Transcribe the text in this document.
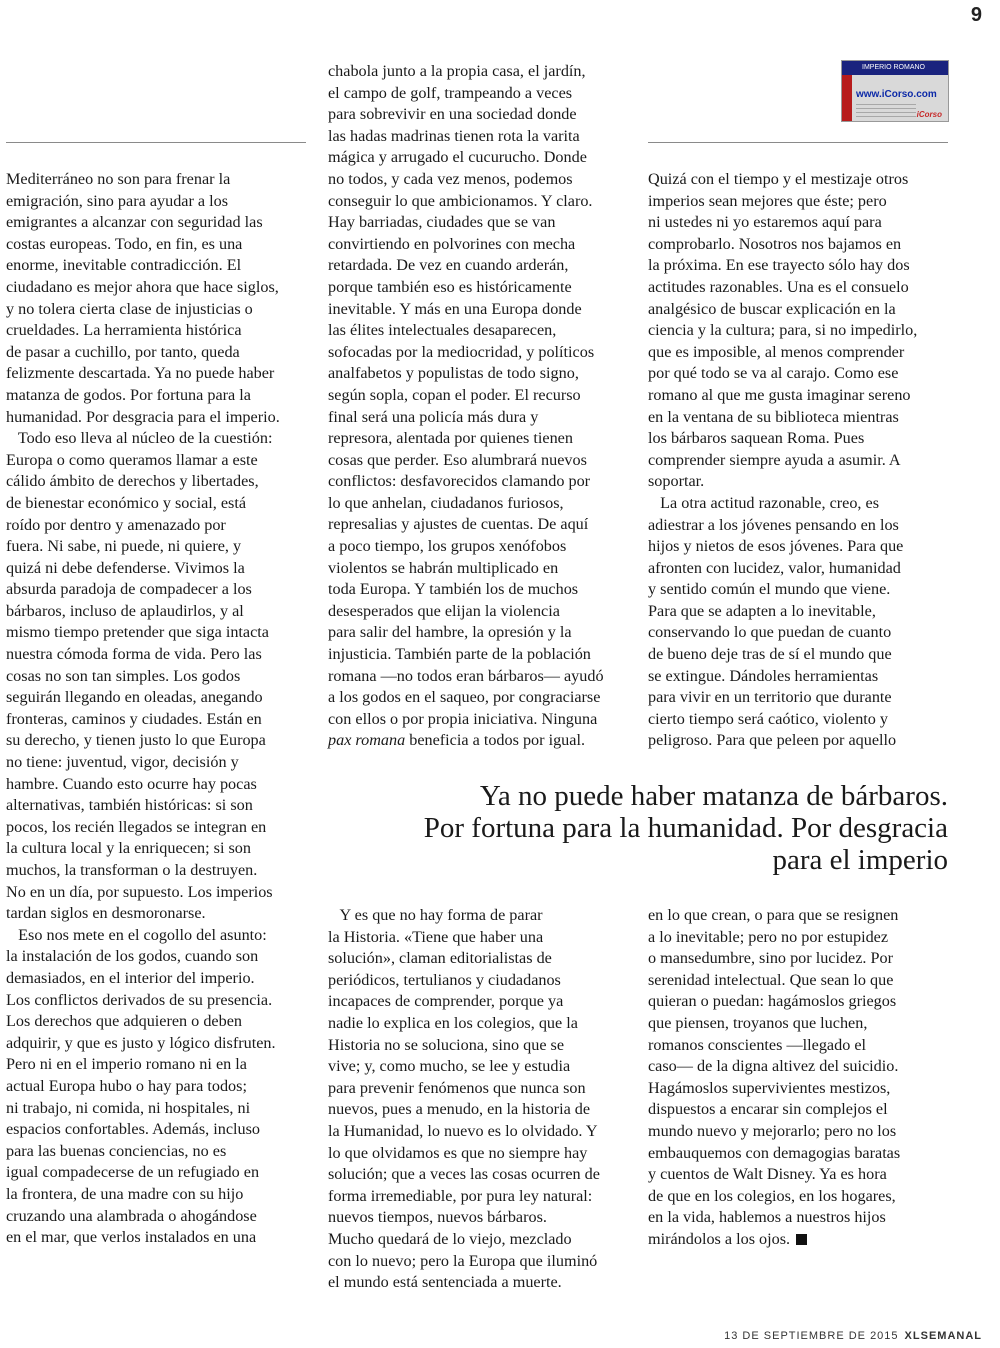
9
IMPERIO ROMANO
www.iCorso.com
iCorso

Mediterráneo no son para frenar la

emigración, sino para ayudar a los

emigrantes a alcanzar con seguridad las

costas europeas. Todo, en fin, es una

enorme, inevitable contradicción. El

ciudadano es mejor ahora que hace siglos,

y no tolera cierta clase de injusticias o

crueldades. La herramienta histórica

de pasar a cuchillo, por tanto, queda

felizmente descartada. Ya no puede haber

matanza de godos. Por fortuna para la

humanidad. Por desgracia para el imperio.

Todo eso lleva al núcleo de la cuestión:

Europa o como queramos llamar a este

cálido ámbito de derechos y libertades,

de bienestar económico y social, está

roído por dentro y amenazado por

fuera. Ni sabe, ni puede, ni quiere, y

quizá ni debe defenderse. Vivimos la

absurda paradoja de compadecer a los

bárbaros, incluso de aplaudirlos, y al

mismo tiempo pretender que siga intacta

nuestra cómoda forma de vida. Pero las

cosas no son tan simples. Los godos

seguirán llegando en oleadas, anegando

fronteras, caminos y ciudades. Están en

su derecho, y tienen justo lo que Europa

no tiene: juventud, vigor, decisión y

hambre. Cuando esto ocurre hay pocas

alternativas, también históricas: si son

pocos, los recién llegados se integran en

la cultura local y la enriquecen; si son

muchos, la transforman o la destruyen.

No en un día, por supuesto. Los imperios

tardan siglos en desmoronarse.

Eso nos mete en el cogollo del asunto:

la instalación de los godos, cuando son

demasiados, en el interior del imperio.

Los conflictos derivados de su presencia.

Los derechos que adquieren o deben

adquirir, y que es justo y lógico disfruten.

Pero ni en el imperio romano ni en la

actual Europa hubo o hay para todos;

ni trabajo, ni comida, ni hospitales, ni

espacios confortables. Además, incluso

para las buenas conciencias, no es

igual compadecerse de un refugiado en

la frontera, de una madre con su hijo

cruzando una alambrada o ahogándose

en el mar, que verlos instalados en una

chabola junto a la propia casa, el jardín,

el campo de golf, trampeando a veces

para sobrevivir en una sociedad donde

las hadas madrinas tienen rota la varita

mágica y arrugado el cucurucho. Donde

no todos, y cada vez menos, podemos

conseguir lo que ambicionamos. Y claro.

Hay barriadas, ciudades que se van

convirtiendo en polvorines con mecha

retardada. De vez en cuando arderán,

porque también eso es históricamente

inevitable. Y más en una Europa donde

las élites intelectuales desaparecen,

sofocadas por la mediocridad, y políticos

analfabetos y populistas de todo signo,

según sopla, copan el poder. El recurso

final será una policía más dura y

represora, alentada por quienes tienen

cosas que perder. Eso alumbrará nuevos

conflictos: desfavorecidos clamando por

lo que anhelan, ciudadanos furiosos,

represalias y ajustes de cuentas. De aquí

a poco tiempo, los grupos xenófobos

violentos se habrán multiplicado en

toda Europa. Y también los de muchos

desesperados que elijan la violencia

para salir del hambre, la opresión y la

injusticia. También parte de la población

romana —no todos eran bárbaros— ayudó

a los godos en el saqueo, por congraciarse

con ellos o por propia iniciativa. Ninguna

pax romana beneficia a todos por igual.

Quizá con el tiempo y el mestizaje otros

imperios sean mejores que éste; pero

ni ustedes ni yo estaremos aquí para

comprobarlo. Nosotros nos bajamos en

la próxima. En ese trayecto sólo hay dos

actitudes razonables. Una es el consuelo

analgésico de buscar explicación en la

ciencia y la cultura; para, si no impedirlo,

que es imposible, al menos comprender

por qué todo se va al carajo. Como ese

romano al que me gusta imaginar sereno

en la ventana de su biblioteca mientras

los bárbaros saquean Roma. Pues

comprender siempre ayuda a asumir. A

soportar.

La otra actitud razonable, creo, es

adiestrar a los jóvenes pensando en los

hijos y nietos de esos jóvenes. Para que

afronten con lucidez, valor, humanidad

y sentido común el mundo que viene.

Para que se adapten a lo inevitable,

conservando lo que puedan de cuanto

de bueno deje tras de sí el mundo que

se extingue. Dándoles herramientas

para vivir en un territorio que durante

cierto tiempo será caótico, violento y

peligroso. Para que peleen por aquello

Ya no puede haber matanza de bárbaros.
Por fortuna para la humanidad. Por desgracia
para el imperio

Y es que no hay forma de parar

la Historia. «Tiene que haber una

solución», claman editorialistas de

periódicos, tertulianos y ciudadanos

incapaces de comprender, porque ya

nadie lo explica en los colegios, que la

Historia no se soluciona, sino que se

vive; y, como mucho, se lee y estudia

para prevenir fenómenos que nunca son

nuevos, pues a menudo, en la historia de

la Humanidad, lo nuevo es lo olvidado. Y

lo que olvidamos es que no siempre hay

solución; que a veces las cosas ocurren de

forma irremediable, por pura ley natural:

nuevos tiempos, nuevos bárbaros.

Mucho quedará de lo viejo, mezclado

con lo nuevo; pero la Europa que iluminó

el mundo está sentenciada a muerte.

en lo que crean, o para que se resignen

a lo inevitable; pero no por estupidez

o mansedumbre, sino por lucidez. Por

serenidad intelectual. Que sean lo que

quieran o puedan: hagámoslos griegos

que piensen, troyanos que luchen,

romanos conscientes —llegado el

caso— de la digna altivez del suicidio.

Hagámoslos supervivientes mestizos,

dispuestos a encarar sin complejos el

mundo nuevo y mejorarlo; pero no los

embauquemos con demagogias baratas

y cuentos de Walt Disney. Ya es hora

de que en los colegios, en los hogares,

en la vida, hablemos a nuestros hijos

mirándolos a los ojos.

13 DE SEPTIEMBRE DE 2015 XLSEMANAL
